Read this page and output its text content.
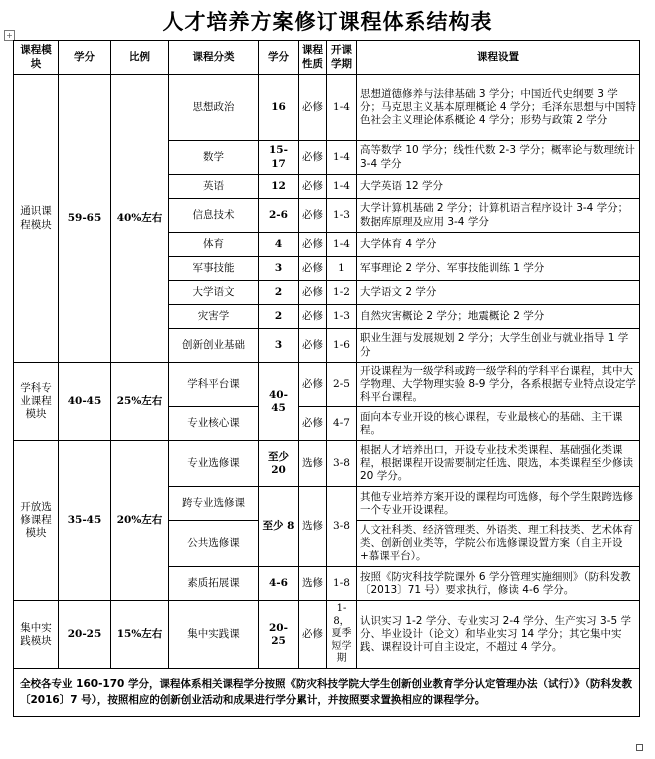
人才培养方案修订课程体系结构表
+
课程模块	学分	比例	课程分类	学分	课程性质	开课学期	课程设置
通识课程模块	59-65	40%左右	思想政治	16	必修	1-4	思想道德修养与法律基础 3 学分；中国近代史纲要 3 学分；马克思主义基本原理概论 4 学分；毛泽东思想与中国特色社会主义理论体系概论 4 学分；形势与政策 2 学分
			数学	15-17	必修	1-4	高等数学 10 学分；线性代数 2-3 学分；概率论与数理统计 3-4 学分
			英语	12	必修	1-4	大学英语 12 学分
			信息技术	2-6	必修	1-3	大学计算机基础 2 学分；计算机语言程序设计 3-4 学分；数据库原理及应用 3-4 学分
			体育	4	必修	1-4	大学体育 4 学分
			军事技能	3	必修	1	军事理论 2 学分、军事技能训练 1 学分
			大学语文	2	必修	1-2	大学语文 2 学分
			灾害学	2	必修	1-3	自然灾害概论 2 学分；地震概论 2 学分
			创新创业基础	3	必修	1-6	职业生涯与发展规划 2 学分；大学生创业与就业指导 1 学分
学科专业课程模块	40-45	25%左右	学科平台课	40-45	必修	2-5	开设课程为一级学科或跨一级学科的学科平台课程，其中大学物理、大学物理实验 8-9 学分，各系根据专业特点设定学科平台课程。
			专业核心课		必修	4-7	面向本专业开设的核心课程，专业最核心的基础、主干课程。
开放选修课程模块	35-45	20%左右	专业选修课	至少 20	选修	3-8	根据人才培养出口，开设专业技术类课程、基础强化类课程，根据课程开设需要制定任选、限选，本类课程至少修读 20 学分。
			跨专业选修课	至少 8	选修	3-8	其他专业培养方案开设的课程均可选修，每个学生限跨选修一个专业开设课程。
			公共选修课				人文社科类、经济管理类、外语类、理工科技类、艺术体育类、创新创业类等，学院公布选修课设置方案（自主开设+慕课平台）。
			素质拓展课	4-6	选修	1-8	按照《防灾科技学院课外 6 学分管理实施细则》（防科发教〔2013〕71 号）要求执行，修读 4-6 学分。
集中实践模块	20-25	15%左右	集中实践课	20-25	必修	1-8，夏季短学期	认识实习 1-2 学分、专业实习 2-4 学分、生产实习 3-5 学分、毕业设计（论文）和毕业实习 14 学分；其它集中实践、课程设计可自主设定，不超过 4 学分。
全校各专业 160-170 学分，课程体系相关课程学分按照《防灾科技学院大学生创新创业教育学分认定管理办法（试行）》（防科发教〔2016〕7 号），按照相应的创新创业活动和成果进行学分累计，并按照要求置换相应的课程学分。							
